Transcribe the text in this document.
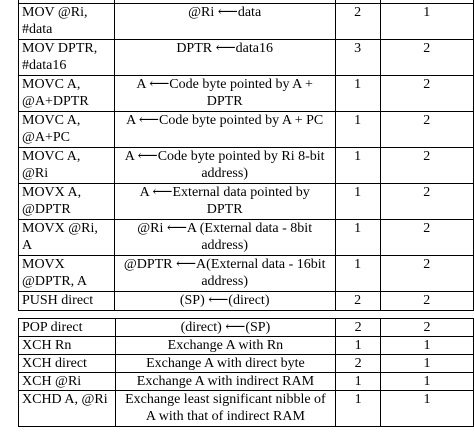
MOV @Ri,
#data	@Ri ⟵data	2	1

MOV DPTR,
#data16	DPTR ⟵data16	3	2

MOVC A,
@A+DPTR	A ⟵Code byte pointed by A +
DPTR	1	2

MOVC A,
@A+PC	A ⟵Code byte pointed by A + PC	1	2

MOVC A,
@Ri	A ⟵Code byte pointed by Ri 8-bit
address)	1	2

MOVX A,
@DPTR	A ⟵External data pointed by
DPTR	1	2

MOVX @Ri,
A	@Ri ⟵A (External data - 8bit
address)	1	2

MOVX
@DPTR, A	@DPTR ⟵A(External data - 16bit
address)	1	2

PUSH direct	(SP) ⟵(direct)	2	2
POP direct	(direct) ⟵(SP)	2	2

XCH Rn	Exchange A with Rn	1	1

XCH direct	Exchange A with direct byte	2	1

XCH @Ri	Exchange A with indirect RAM	1	1

XCHD A, @Ri	Exchange least significant nibble of
A with that of indirect RAM	1	1
